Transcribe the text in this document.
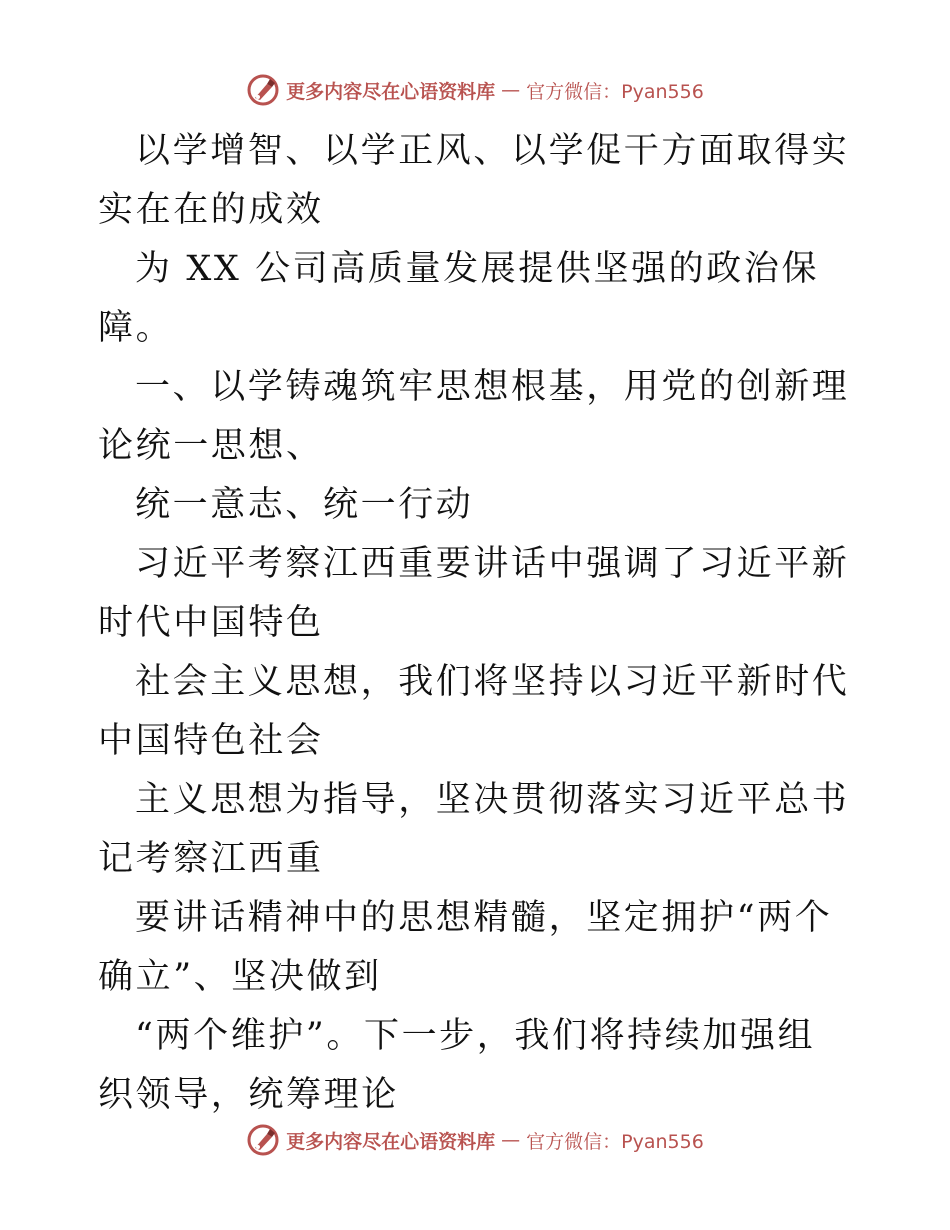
更多内容尽在心语资料库 — 官方微信：Pyan556

以学增智、以学正风、以学促干方面取得实实在在的成效

为 XX 公司高质量发展提供坚强的政治保障。

一、以学铸魂筑牢思想根基，用党的创新理论统一思想、

统一意志、统一行动

习近平考察江西重要讲话中强调了习近平新时代中国特色

社会主义思想，我们将坚持以习近平新时代中国特色社会

主义思想为指导，坚决贯彻落实习近平总书记考察江西重

要讲话精神中的思想精髓，坚定拥护“两个确立”、坚决做到

“两个维护”。下一步，我们将持续加强组织领导，统筹理论

更多内容尽在心语资料库 — 官方微信：Pyan556
